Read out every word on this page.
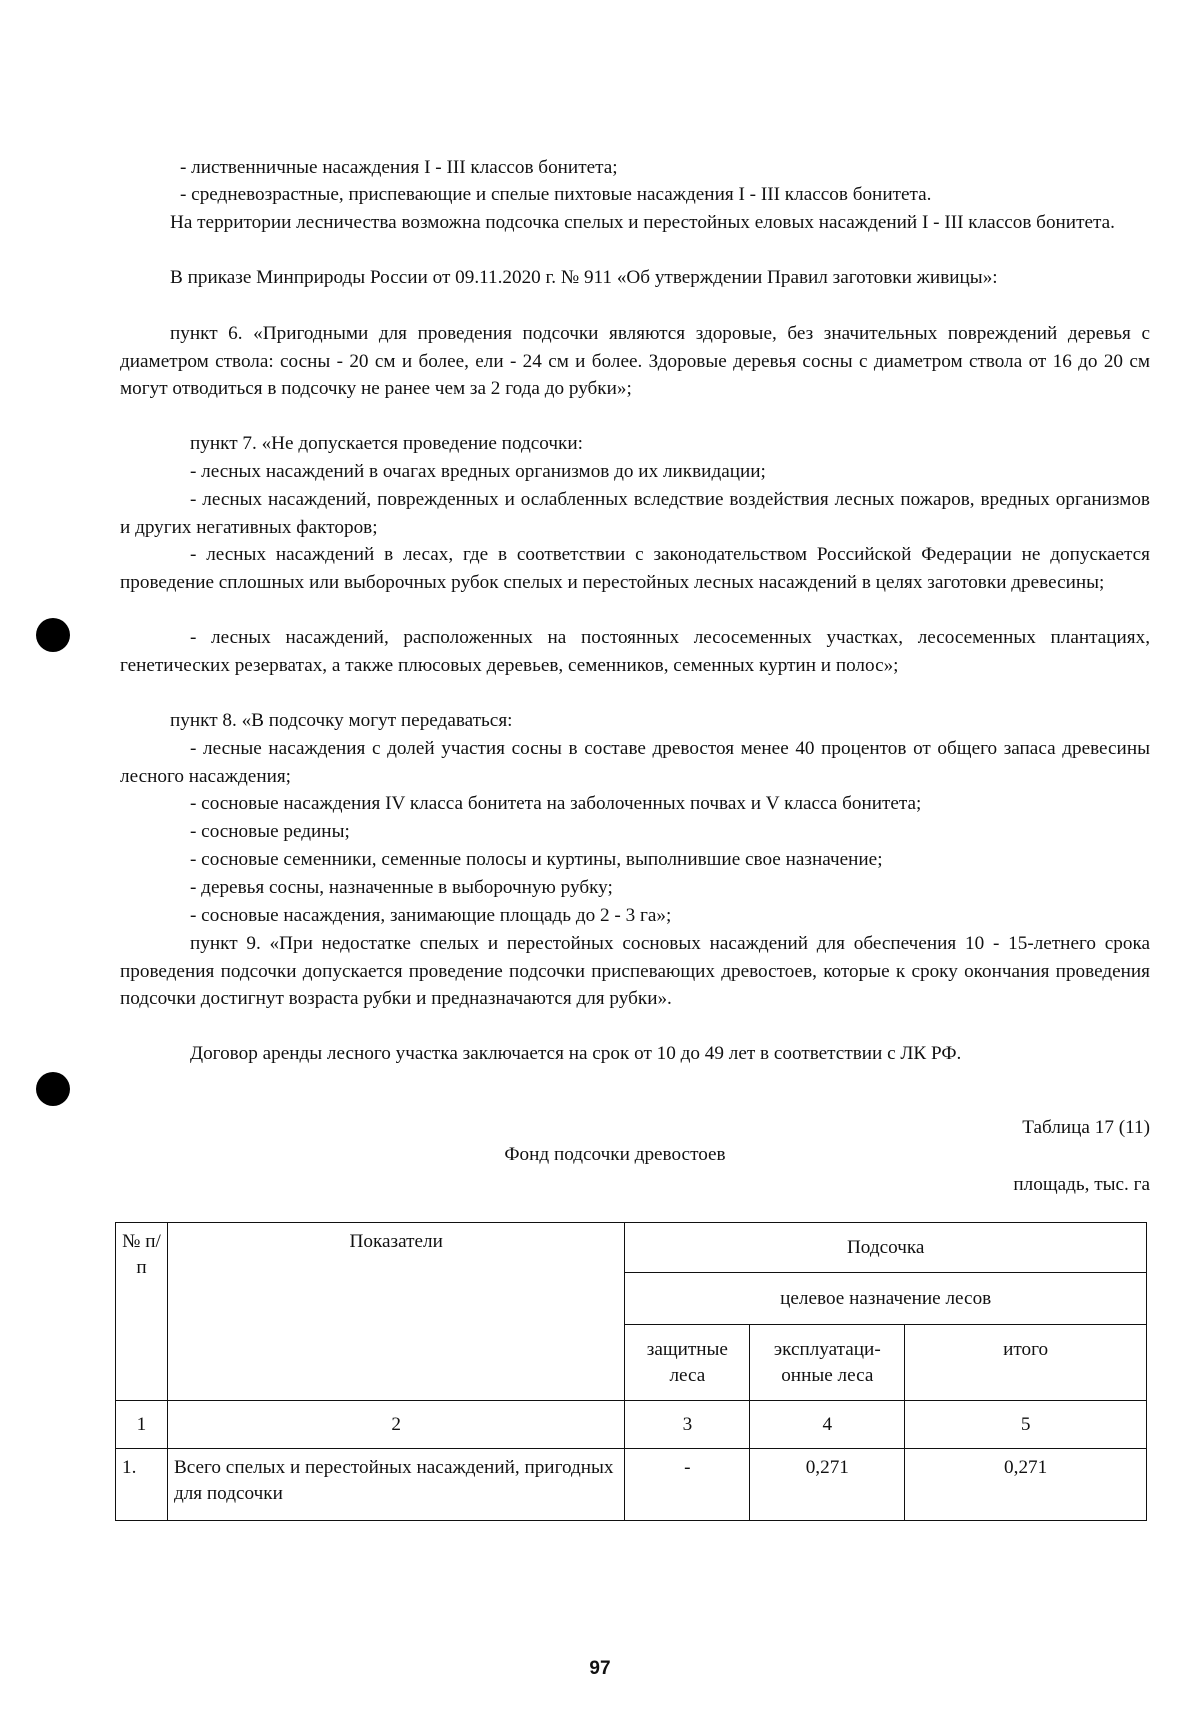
- лиственничные насаждения I - III классов бонитета;

- средневозрастные, приспевающие и спелые пихтовые насаждения I - III классов бонитета.

На территории лесничества возможна подсочка спелых и перестойных еловых насаждений I - III классов бонитета.

В приказе Минприроды России от 09.11.2020 г. № 911 «Об утверждении Правил заготовки живицы»:

пункт 6. «Пригодными для проведения подсочки являются здоровые, без значительных повреждений деревья с диаметром ствола: сосны - 20 см и более, ели - 24 см и более. Здоровые деревья сосны с диаметром ствола от 16 до 20 см могут отводиться в подсочку не ранее чем за 2 года до рубки»;

пункт 7. «Не допускается проведение подсочки:

- лесных насаждений в очагах вредных организмов до их ликвидации;

- лесных насаждений, поврежденных и ослабленных вследствие воздействия лесных пожаров, вредных организмов и других негативных факторов;

- лесных насаждений в лесах, где в соответствии с законодательством Российской Федерации не допускается проведение сплошных или выборочных рубок спелых и перестойных лесных насаждений в целях заготовки древесины;

- лесных насаждений, расположенных на постоянных лесосеменных участках, лесосеменных плантациях, генетических резерватах, а также плюсовых деревьев, семенников, семенных куртин и полос»;

пункт 8. «В подсочку могут передаваться:

- лесные насаждения с долей участия сосны в составе древостоя менее 40 процентов от общего запаса древесины лесного насаждения;

- сосновые насаждения IV класса бонитета на заболоченных почвах и V класса бонитета;

- сосновые редины;

- сосновые семенники, семенные полосы и куртины, выполнившие свое назначение;

- деревья сосны, назначенные в выборочную рубку;

- сосновые насаждения, занимающие площадь до 2 - 3 га»;

пункт 9. «При недостатке спелых и перестойных сосновых насаждений для обеспечения 10 - 15-летнего срока проведения подсочки допускается проведение подсочки приспевающих древостоев, которые к сроку окончания проведения подсочки достигнут возраста рубки и предназначаются для рубки».

Договор аренды лесного участка заключается на срок от 10 до 49 лет в соответствии с ЛК РФ.

Таблица 17 (11)
Фонд подсочки древостоев
площадь, тыс. га
№ п/п	Показатели	Подсочка		
		целевое назначение лесов		
		защитные леса	эксплуатаци-онные леса	итого
1	2	3	4	5
1.	Всего спелых и перестойных насаждений, пригодных для подсочки	-	0,271	0,271
97
